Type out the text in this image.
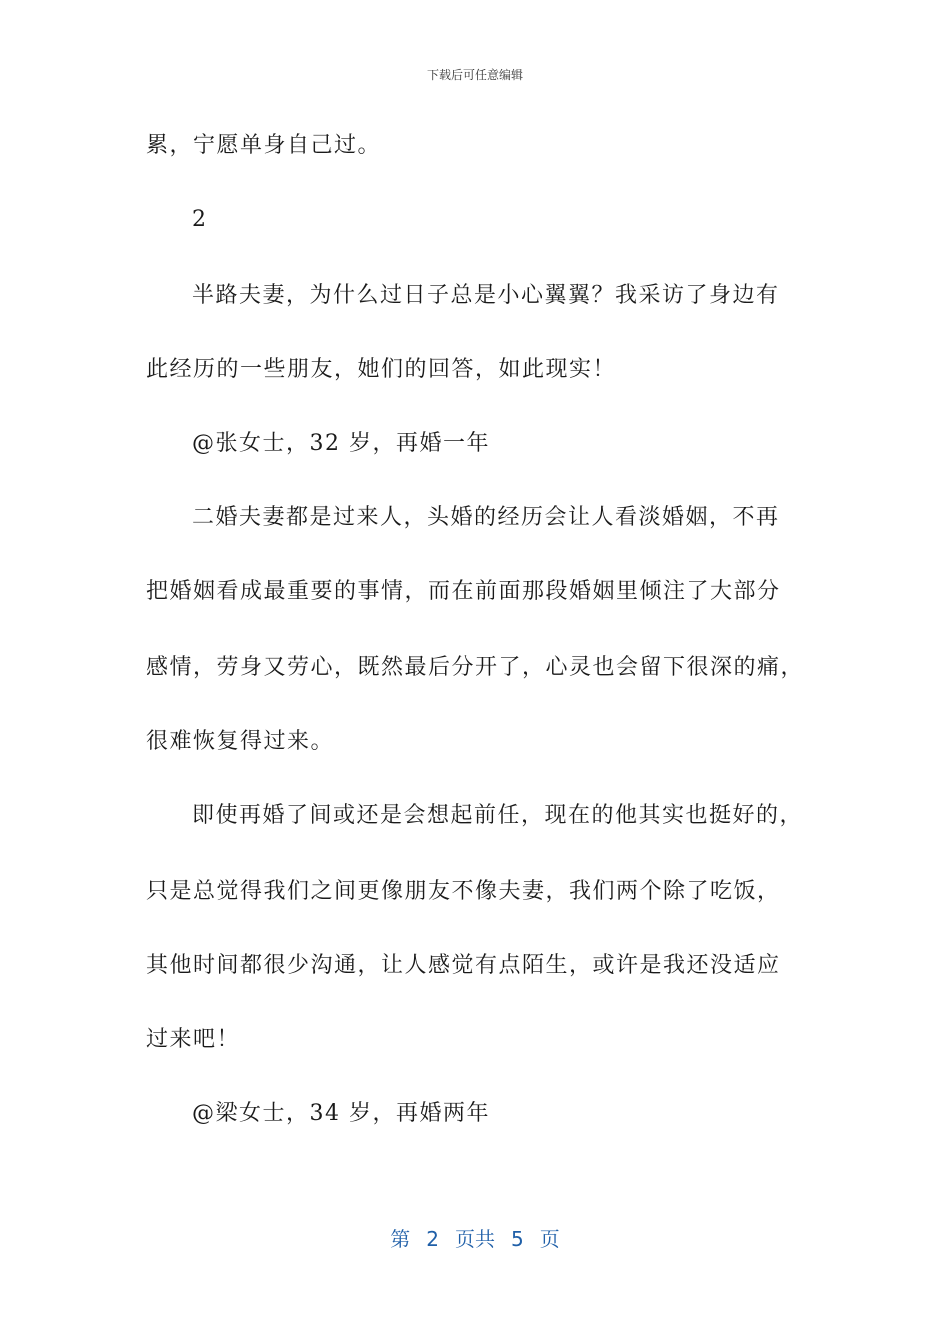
下载后可任意编辑
累，宁愿单身自己过。
2
半路夫妻，为什么过日子总是小心翼翼？我采访了身边有
此经历的一些朋友，她们的回答，如此现实！
@张女士，32 岁，再婚一年
二婚夫妻都是过来人，头婚的经历会让人看淡婚姻，不再
把婚姻看成最重要的事情，而在前面那段婚姻里倾注了大部分
感情，劳身又劳心，既然最后分开了，心灵也会留下很深的痛，
很难恢复得过来。
即使再婚了间或还是会想起前任，现在的他其实也挺好的，
只是总觉得我们之间更像朋友不像夫妻，我们两个除了吃饭，
其他时间都很少沟通，让人感觉有点陌生，或许是我还没适应
过来吧！
@梁女士，34 岁，再婚两年
第 2 页共 5 页
